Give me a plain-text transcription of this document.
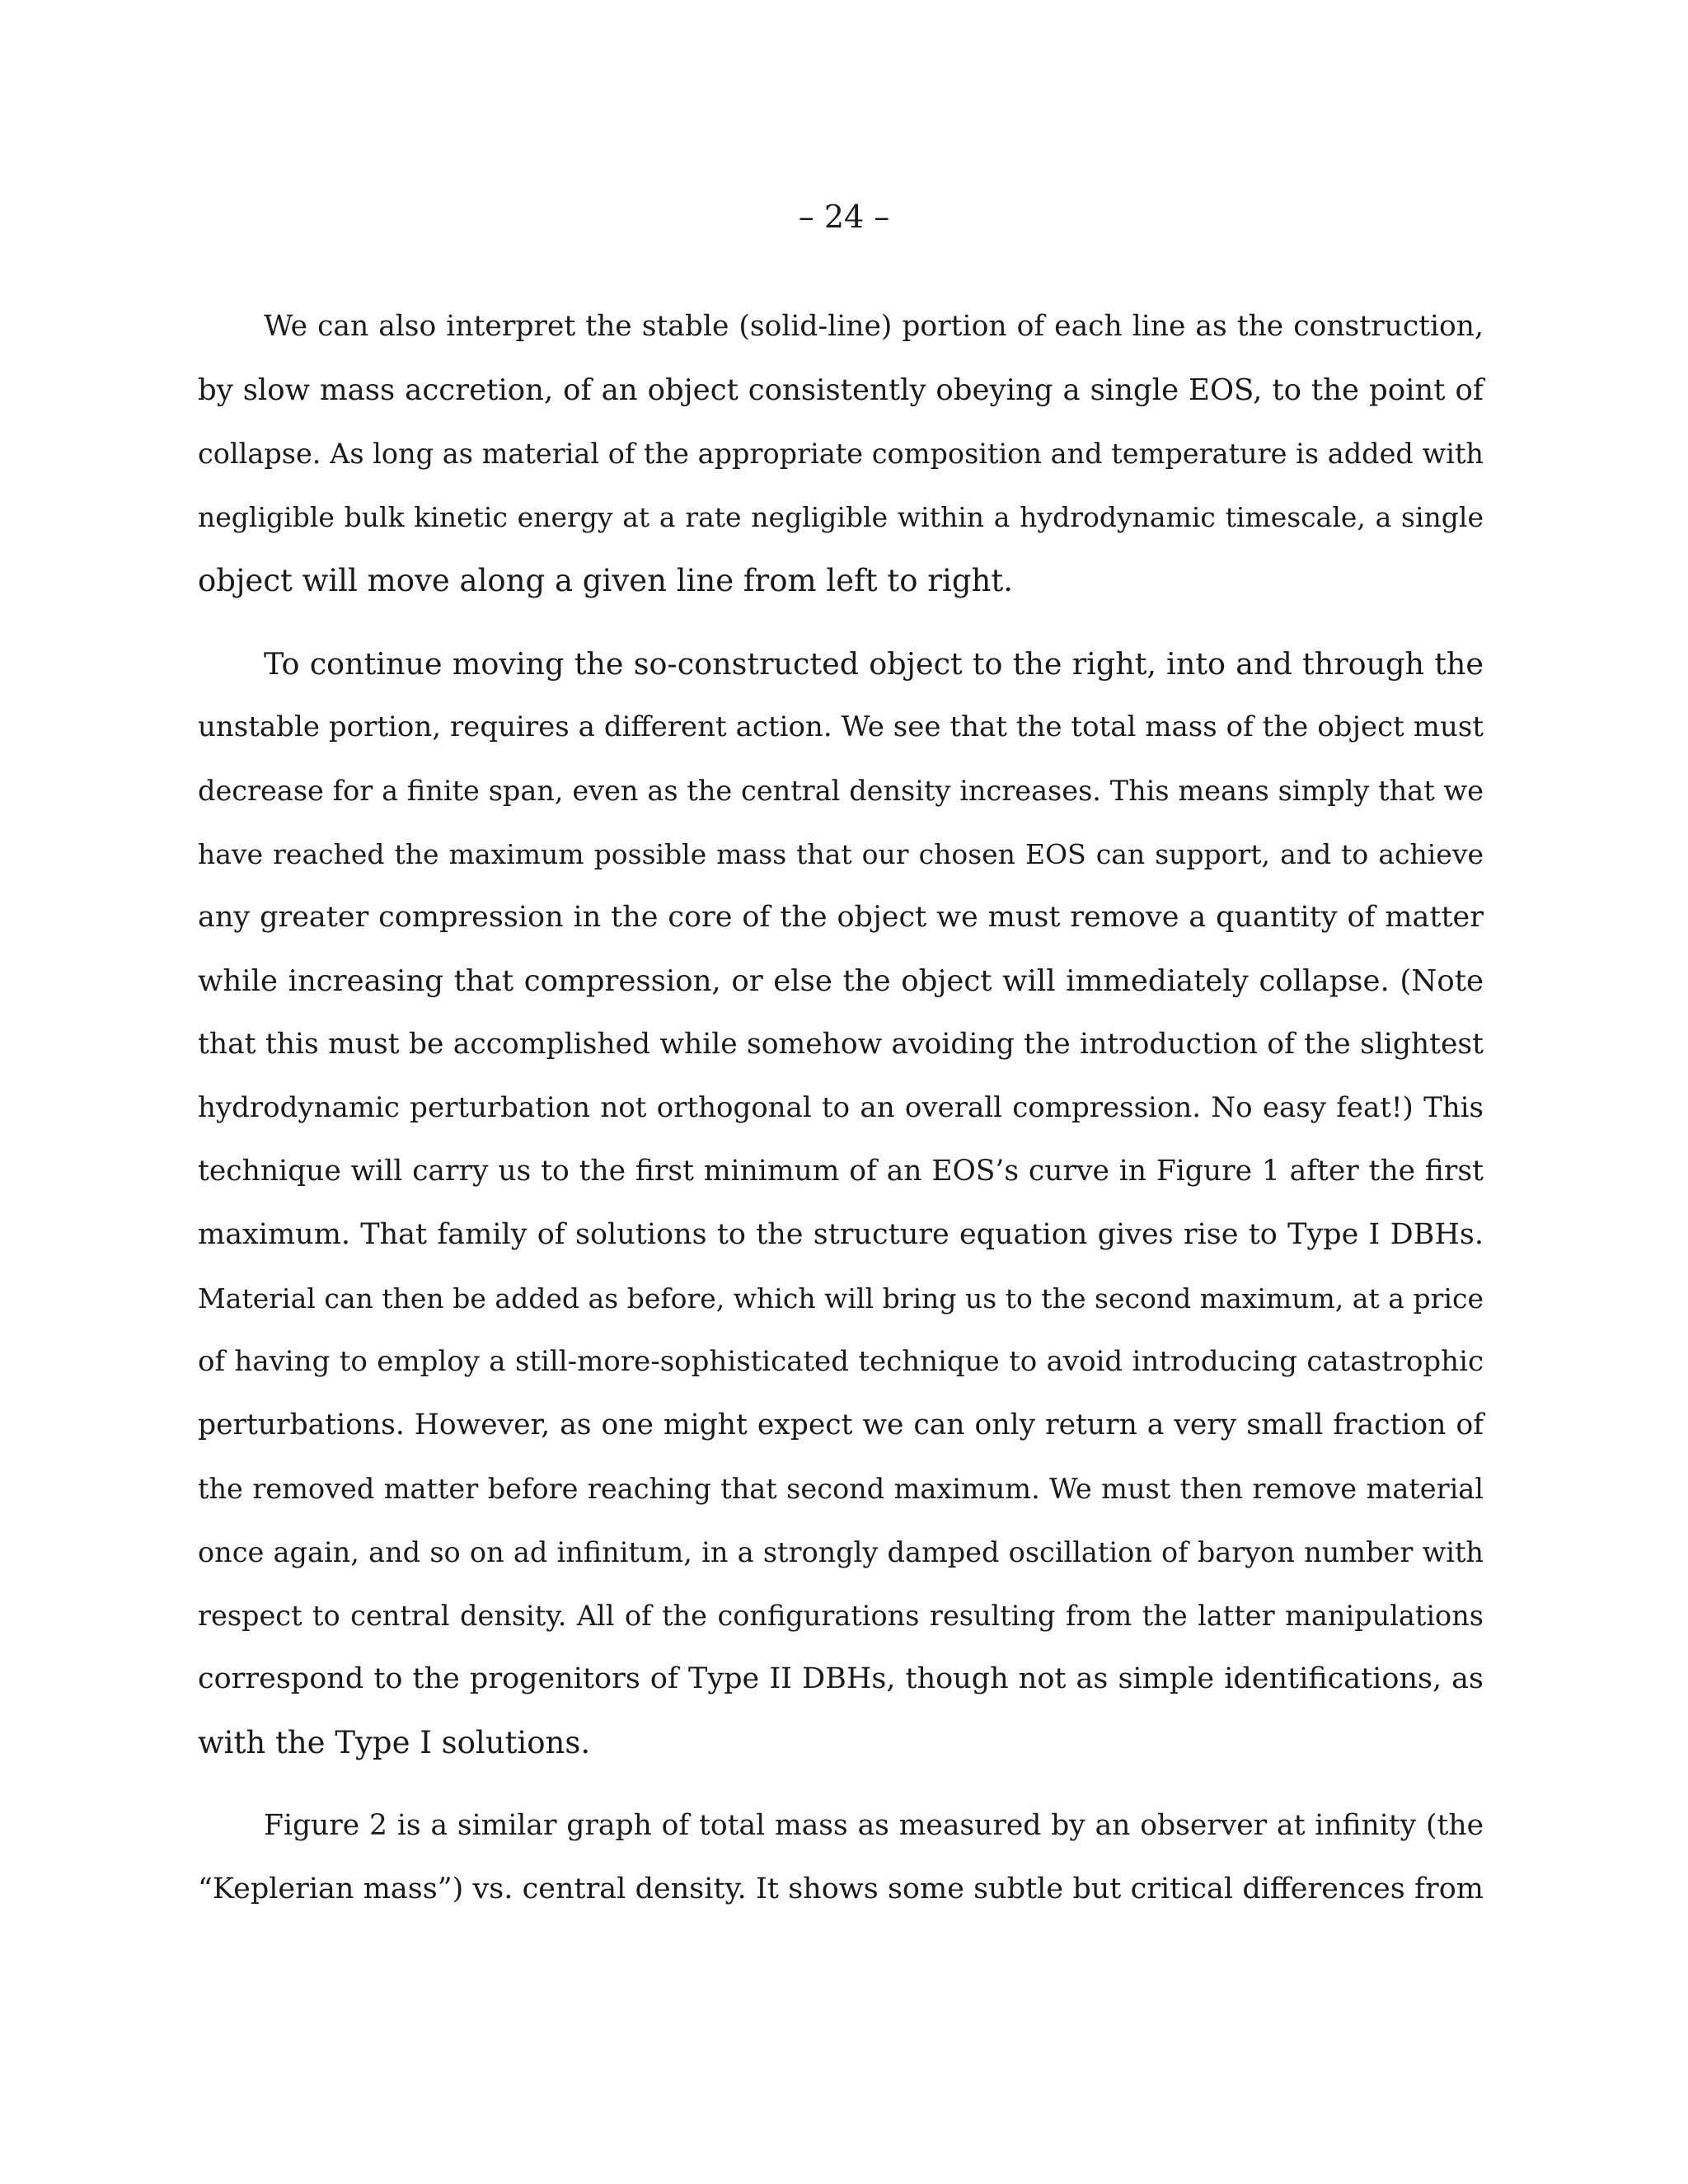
– 24 –
We can also interpret the stable (solid-line) portion of each line as the construction,
by slow mass accretion, of an object consistently obeying a single EOS, to the point of
collapse. As long as material of the appropriate composition and temperature is added with
negligible bulk kinetic energy at a rate negligible within a hydrodynamic timescale, a single
object will move along a given line from left to right.
To continue moving the so-constructed object to the right, into and through the
unstable portion, requires a different action. We see that the total mass of the object must
decrease for a finite span, even as the central density increases. This means simply that we
have reached the maximum possible mass that our chosen EOS can support, and to achieve
any greater compression in the core of the object we must remove a quantity of matter
while increasing that compression, or else the object will immediately collapse. (Note
that this must be accomplished while somehow avoiding the introduction of the slightest
hydrodynamic perturbation not orthogonal to an overall compression. No easy feat!) This
technique will carry us to the first minimum of an EOS’s curve in Figure 1 after the first
maximum. That family of solutions to the structure equation gives rise to Type I DBHs.
Material can then be added as before, which will bring us to the second maximum, at a price
of having to employ a still-more-sophisticated technique to avoid introducing catastrophic
perturbations. However, as one might expect we can only return a very small fraction of
the removed matter before reaching that second maximum. We must then remove material
once again, and so on ad infinitum, in a strongly damped oscillation of baryon number with
respect to central density. All of the configurations resulting from the latter manipulations
correspond to the progenitors of Type II DBHs, though not as simple identifications, as
with the Type I solutions.
Figure 2 is a similar graph of total mass as measured by an observer at infinity (the
“Keplerian mass”) vs. central density. It shows some subtle but critical differences from
